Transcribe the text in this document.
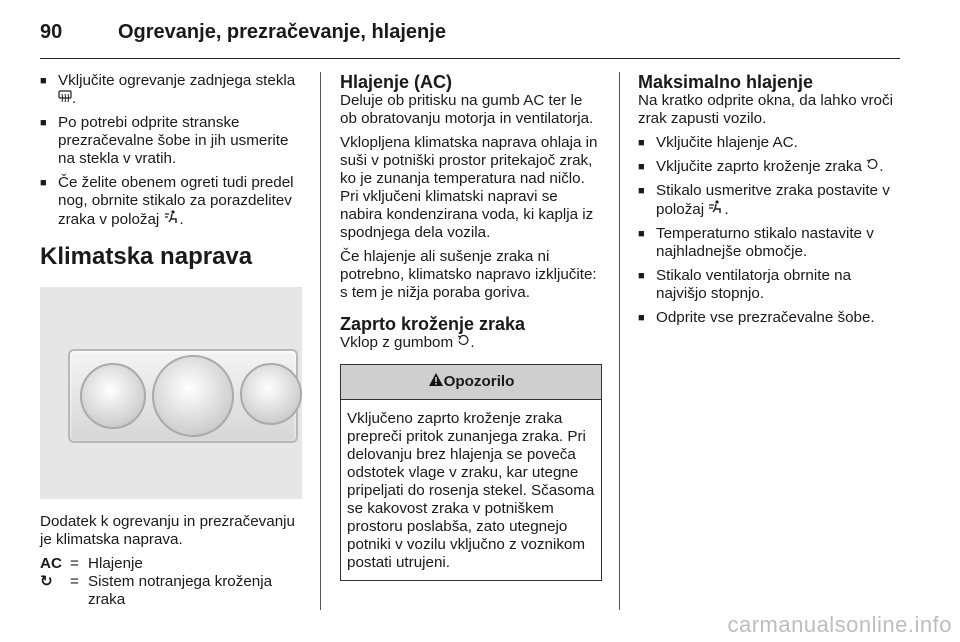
90	Ogrevanje, prezračevanje, hlajenje
■ Vključite ogrevanje zadnjega stekla
.
■ Po potrebi odprite stranske prezračevalne šobe in jih usmerite na stekla v vratih.
■ Če želite obenem ogreti tudi predel nog, obrnite stikalo za porazdelitev zraka v položaj .
Klimatska naprava

Dodatek k ogrevanju in prezračevanju je klimatska naprava.

AC	=	Hlajenje
↻	=	Sistem notranjega kroženja zraka
Hlajenje (AC)

Deluje ob pritisku na gumb AC ter le ob obratovanju motorja in ventilatorja.

Vklopljena klimatska naprava ohlaja in suši v potniški prostor pritekajoč zrak, ko je zunanja temperatura nad ničlo. Pri vključeni klimatski napravi se nabira kondenzirana voda, ki kaplja iz spodnjega dela vozila.

Če hlajenje ali sušenje zraka ni potrebno, klimatsko napravo izključite: s tem je nižja poraba goriva.

Zaprto kroženje zraka

Vklop z gumbom .

Opozorilo
Vključeno zaprto kroženje zraka prepreči pritok zunanjega zraka. Pri delovanju brez hlajenja se poveča odstotek vlage v zraku, kar utegne pripeljati do rosenja stekel. Sčasoma se kakovost zraka v potniškem prostoru poslabša, zato utegnejo potniki v vozilu vključno z voznikom postati utrujeni.
Maksimalno hlajenje

Na kratko odprite okna, da lahko vroči zrak zapusti vozilo.

■ Vključite hlajenje AC.
■ Vključite zaprto kroženje zraka .
■ Stikalo usmeritve zraka postavite v položaj .
■ Temperaturno stikalo nastavite v najhladnejše območje.
■ Stikalo ventilatorja obrnite na najvišjo stopnjo.
■ Odprite vse prezračevalne šobe.
carmanualsonline.info
